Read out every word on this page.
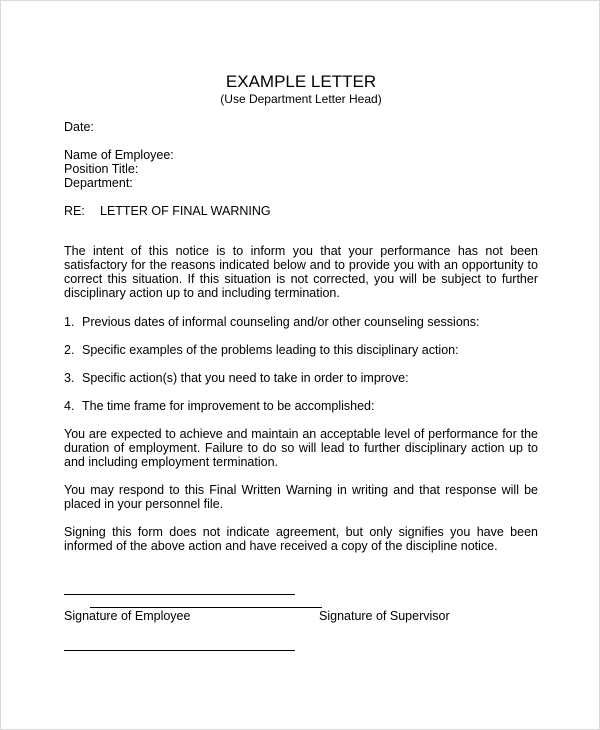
EXAMPLE LETTER
(Use Department Letter Head)
Date:
Name of Employee:
Position Title:
Department:
RE: LETTER OF FINAL WARNING
The intent of this notice is to inform you that your performance has not been satisfactory for the reasons indicated below and to provide you with an opportunity to correct this situation. If this situation is not corrected, you will be subject to further disciplinary action up to and including termination.
1. Previous dates of informal counseling and/or other counseling sessions:
2. Specific examples of the problems leading to this disciplinary action:
3. Specific action(s) that you need to take in order to improve:
4. The time frame for improvement to be accomplished:
You are expected to achieve and maintain an acceptable level of performance for the duration of employment. Failure to do so will lead to further disciplinary action up to and including employment termination.
You may respond to this Final Written Warning in writing and that response will be placed in your personnel file.
Signing this form does not indicate agreement, but only signifies you have been informed of the above action and have received a copy of the discipline notice.
Signature of Employee	Signature of Supervisor
